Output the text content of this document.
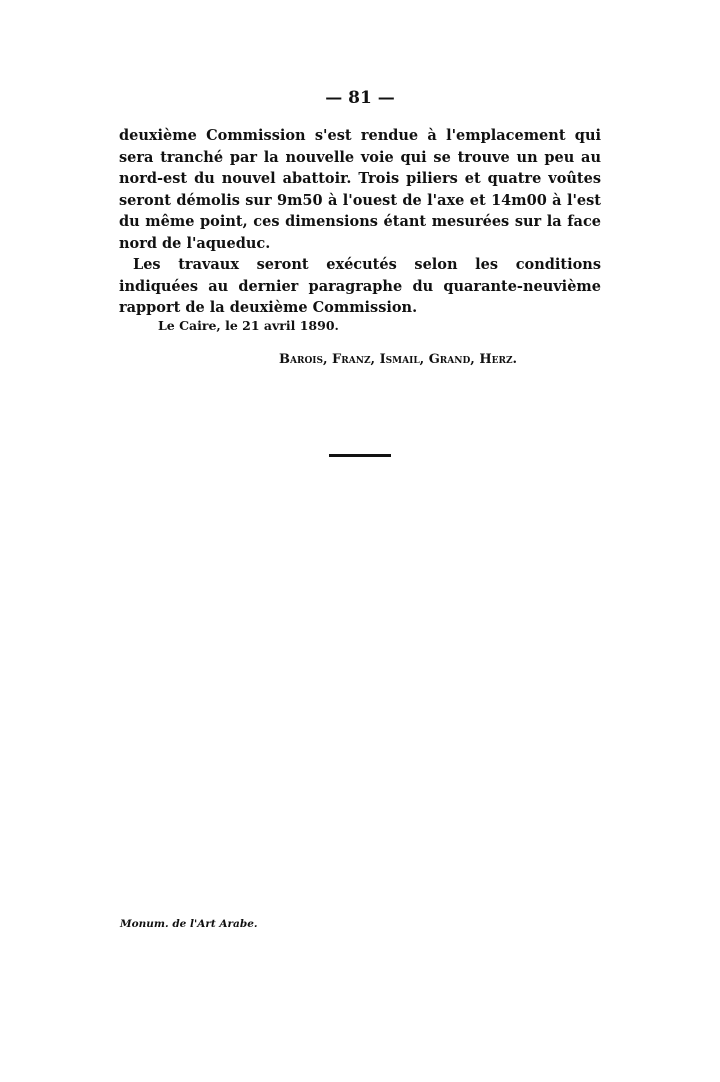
— 81 —

deuxième Commission s'est rendue à l'emplacement qui sera tranché par la nouvelle voie qui se trouve un peu au nord-est du nouvel abattoir. Trois piliers et quatre voûtes seront démolis sur 9m50 à l'ouest de l'axe et 14m00 à l'est du même point, ces dimensions étant mesurées sur la face nord de l'aqueduc.

Les travaux seront exécutés selon les conditions indiquées au dernier paragraphe du quarante-neuvième rapport de la deuxième Commission.

Le Caire, le 21 avril 1890.
Barois, Franz, Ismail, Grand, Herz.
Monum. de l'Art Arabe.
